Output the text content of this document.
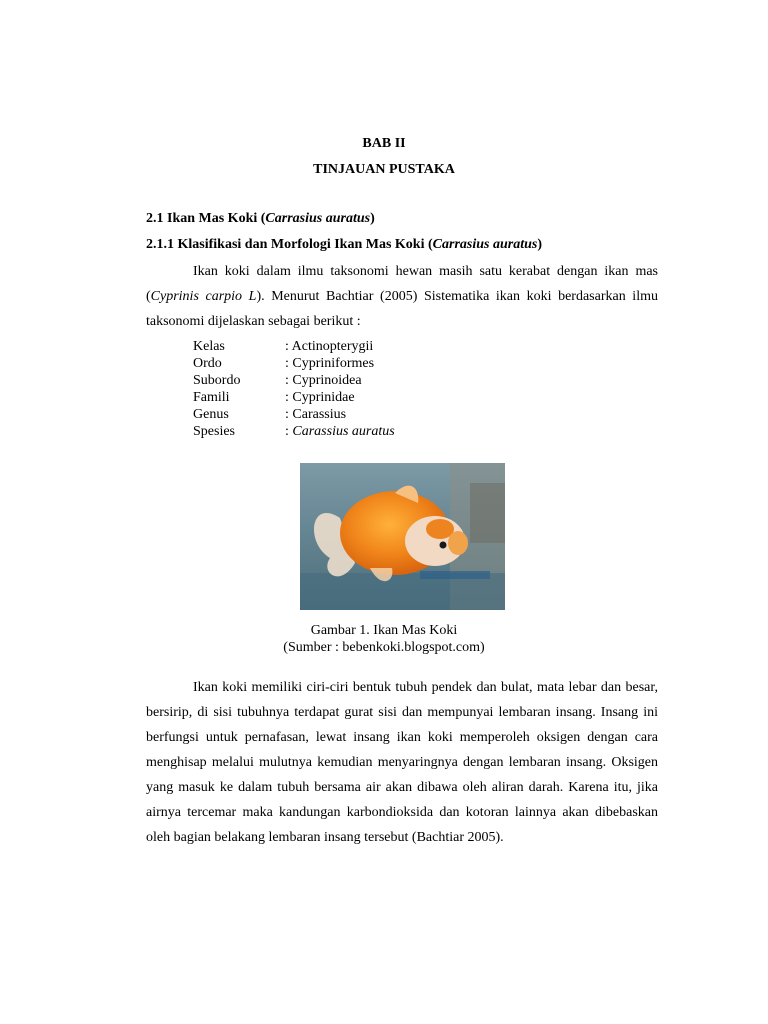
BAB II
TINJAUAN PUSTAKA
2.1 Ikan Mas Koki (Carrasius auratus)
2.1.1 Klasifikasi dan Morfologi Ikan Mas Koki (Carrasius auratus)

Ikan koki dalam ilmu taksonomi hewan masih satu kerabat dengan ikan mas (Cyprinis carpio L). Menurut Bachtiar (2005) Sistematika ikan koki berdasarkan ilmu taksonomi dijelaskan sebagai berikut :

Kelas	: Actinopterygii
Ordo	: Cypriniformes
Subordo	: Cyprinoidea
Famili	: Cyprinidae
Genus	: Carassius
Spesies	: Carassius auratus
Gambar 1. Ikan Mas Koki
(Sumber : bebenkoki.blogspot.com)

Ikan koki memiliki ciri-ciri bentuk tubuh pendek dan bulat, mata lebar dan besar, bersirip, di sisi tubuhnya terdapat gurat sisi dan mempunyai lembaran insang. Insang ini berfungsi untuk pernafasan, lewat insang ikan koki memperoleh oksigen dengan cara menghisap melalui mulutnya kemudian menyaringnya dengan lembaran insang. Oksigen yang masuk ke dalam tubuh bersama air akan dibawa oleh aliran darah. Karena itu, jika airnya tercemar maka kandungan karbondioksida dan kotoran lainnya akan dibebaskan oleh bagian belakang lembaran insang tersebut (Bachtiar 2005).
